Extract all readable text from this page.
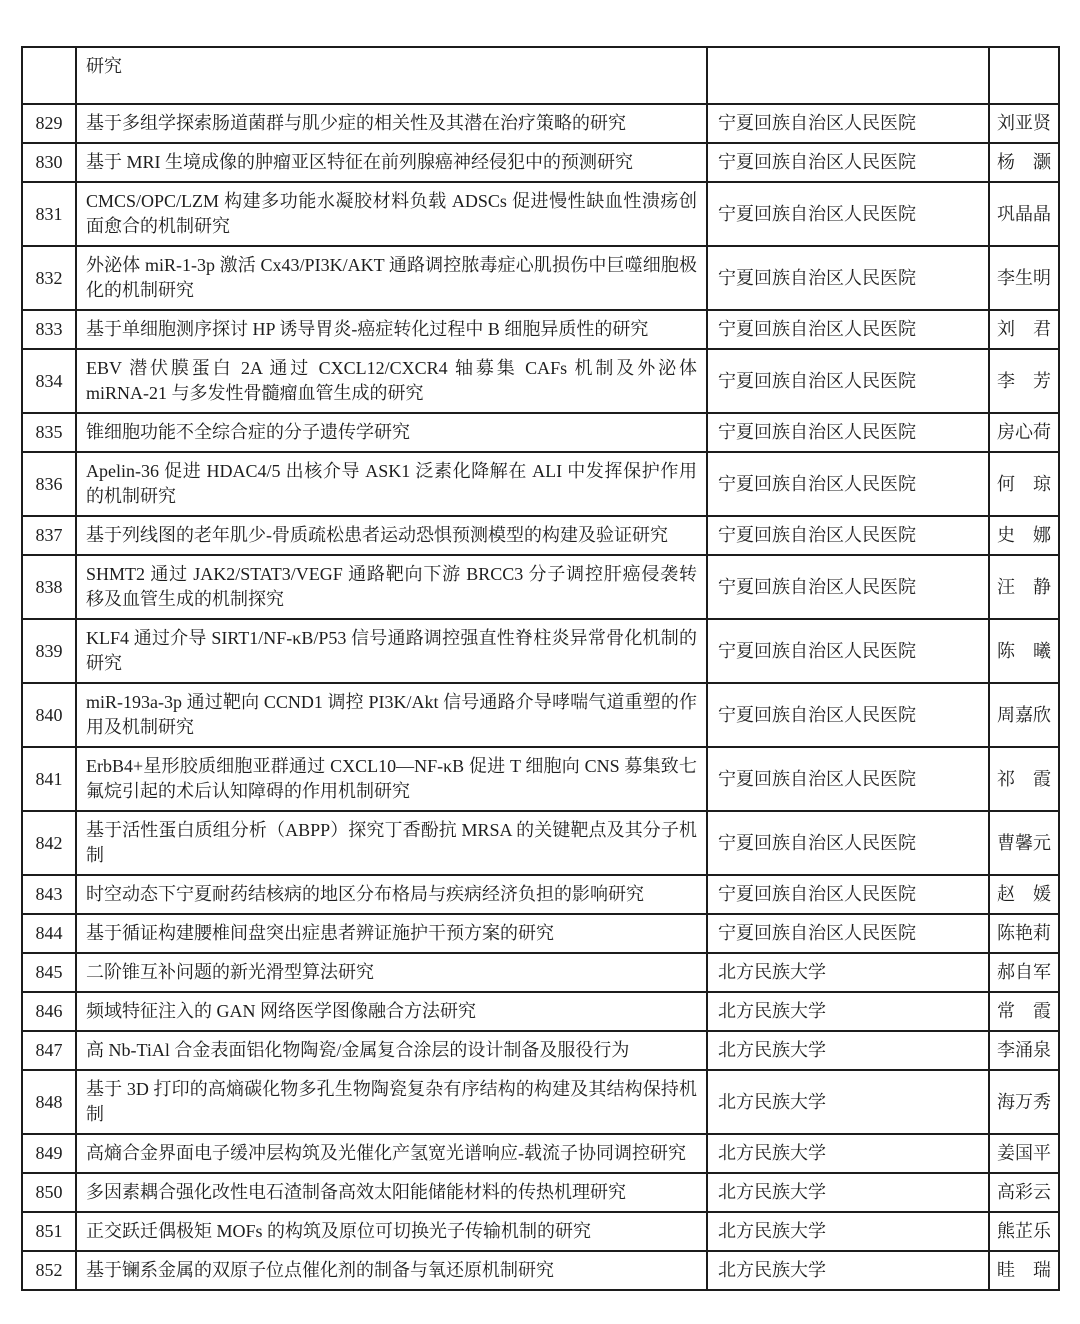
	研究		
829	基于多组学探索肠道菌群与肌少症的相关性及其潜在治疗策略的研究	宁夏回族自治区人民医院	刘亚贤
830	基于 MRI 生境成像的肿瘤亚区特征在前列腺癌神经侵犯中的预测研究	宁夏回族自治区人民医院	杨　灏
831	CMCS/OPC/LZM 构建多功能水凝胶材料负载 ADSCs 促进慢性缺血性溃疡创面愈合的机制研究	宁夏回族自治区人民医院	巩晶晶
832	外泌体 miR-1-3p 激活 Cx43/PI3K/AKT 通路调控脓毒症心肌损伤中巨噬细胞极化的机制研究	宁夏回族自治区人民医院	李生明
833	基于单细胞测序探讨 HP 诱导胃炎-癌症转化过程中 B 细胞异质性的研究	宁夏回族自治区人民医院	刘　君
834	EBV 潜伏膜蛋白 2A 通过 CXCL12/CXCR4 轴募集 CAFs 机制及外泌体 miRNA-21 与多发性骨髓瘤血管生成的研究	宁夏回族自治区人民医院	李　芳
835	锥细胞功能不全综合症的分子遗传学研究	宁夏回族自治区人民医院	房心荷
836	Apelin-36 促进 HDAC4/5 出核介导 ASK1 泛素化降解在 ALI 中发挥保护作用的机制研究	宁夏回族自治区人民医院	何　琼
837	基于列线图的老年肌少-骨质疏松患者运动恐惧预测模型的构建及验证研究	宁夏回族自治区人民医院	史　娜
838	SHMT2 通过 JAK2/STAT3/VEGF 通路靶向下游 BRCC3 分子调控肝癌侵袭转移及血管生成的机制探究	宁夏回族自治区人民医院	汪　静
839	KLF4 通过介导 SIRT1/NF-κB/P53 信号通路调控强直性脊柱炎异常骨化机制的研究	宁夏回族自治区人民医院	陈　曦
840	miR-193a-3p 通过靶向 CCND1 调控 PI3K/Akt 信号通路介导哮喘气道重塑的作用及机制研究	宁夏回族自治区人民医院	周嘉欣
841	ErbB4+星形胶质细胞亚群通过 CXCL10—NF-κB 促进 T 细胞向 CNS 募集致七氟烷引起的术后认知障碍的作用机制研究	宁夏回族自治区人民医院	祁　霞
842	基于活性蛋白质组分析（ABPP）探究丁香酚抗 MRSA 的关键靶点及其分子机制	宁夏回族自治区人民医院	曹馨元
843	时空动态下宁夏耐药结核病的地区分布格局与疾病经济负担的影响研究	宁夏回族自治区人民医院	赵　媛
844	基于循证构建腰椎间盘突出症患者辨证施护干预方案的研究	宁夏回族自治区人民医院	陈艳莉
845	二阶锥互补问题的新光滑型算法研究	北方民族大学	郝自军
846	频域特征注入的 GAN 网络医学图像融合方法研究	北方民族大学	常　霞
847	高 Nb-TiAl 合金表面铝化物陶瓷/金属复合涂层的设计制备及服役行为	北方民族大学	李涌泉
848	基于 3D 打印的高熵碳化物多孔生物陶瓷复杂有序结构的构建及其结构保持机制	北方民族大学	海万秀
849	高熵合金界面电子缓冲层构筑及光催化产氢宽光谱响应-载流子协同调控研究	北方民族大学	姜国平
850	多因素耦合强化改性电石渣制备高效太阳能储能材料的传热机理研究	北方民族大学	高彩云
851	正交跃迁偶极矩 MOFs 的构筑及原位可切换光子传输机制的研究	北方民族大学	熊芷乐
852	基于镧系金属的双原子位点催化剂的制备与氧还原机制研究	北方民族大学	眭　瑞
